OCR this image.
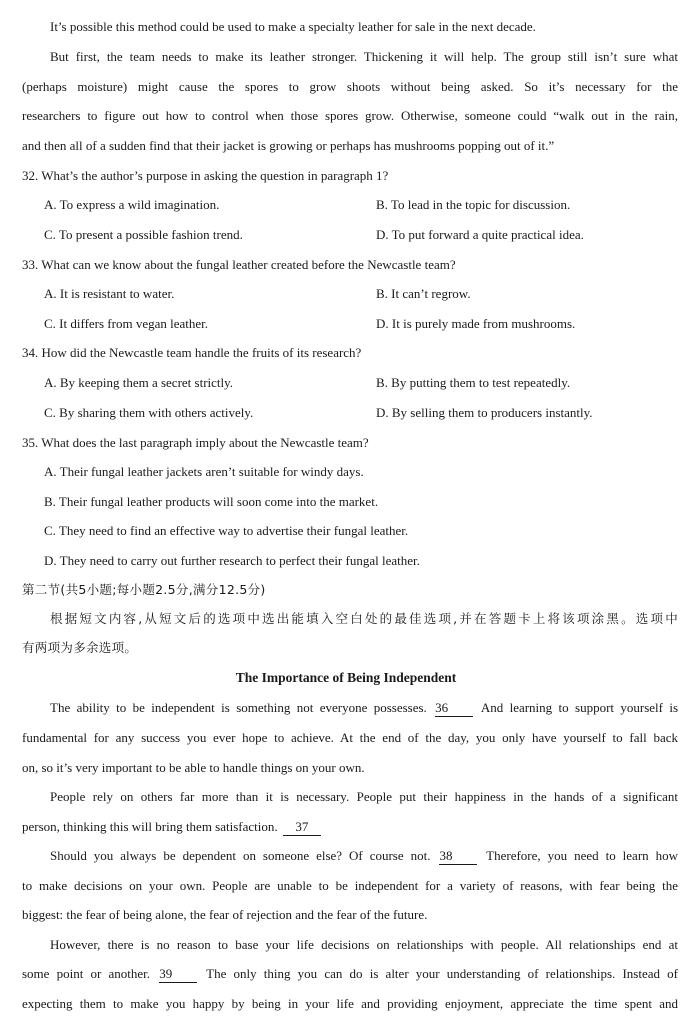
It’s possible this method could be used to make a specialty leather for sale in the next decade.
But first, the team needs to make its leather stronger. Thickening it will help. The group still isn’t sure what
(perhaps moisture) might cause the spores to grow shoots without being asked. So it’s necessary for the
researchers to figure out how to control when those spores grow. Otherwise, someone could “walk out in the rain,
and then all of a sudden find that their jacket is growing or perhaps has mushrooms popping out of it.”
32. What’s the author’s purpose in asking the question in paragraph 1?
A. To express a wild imagination.	B. To lead in the topic for discussion.
C. To present a possible fashion trend.	D. To put forward a quite practical idea.
33. What can we know about the fungal leather created before the Newcastle team?
A. It is resistant to water.	B. It can’t regrow.
C. It differs from vegan leather.	D. It is purely made from mushrooms.
34. How did the Newcastle team handle the fruits of its research?
A. By keeping them a secret strictly.	B. By putting them to test repeatedly.
C. By sharing them with others actively.	D. By selling them to producers instantly.
35. What does the last paragraph imply about the Newcastle team?
A. Their fungal leather jackets aren’t suitable for windy days.
B. Their fungal leather products will soon come into the market.
C. They need to find an effective way to advertise their fungal leather.
D. They need to carry out further research to perfect their fungal leather.
第二节(共5小题;每小题2.5分,满分12.5分)
根据短文内容,从短文后的选项中选出能填入空白处的最佳选项,并在答题卡上将该项涂黑。选项中
有两项为多余选项。
The Importance of Being Independent
The ability to be independent is something not everyone possesses. 36	And learning to support yourself is
fundamental for any success you ever hope to achieve. At the end of the day, you only have yourself to fall back
on, so it’s very important to be able to handle things on your own.
People rely on others far more than it is necessary. People put their happiness in the hands of a significant
person, thinking this will bring them satisfaction. 37
Should you always be dependent on someone else? Of course not. 38	Therefore, you need to learn how
to make decisions on your own. People are unable to be independent for a variety of reasons, with fear being the
biggest: the fear of being alone, the fear of rejection and the fear of the future.
However, there is no reason to base your life decisions on relationships with people. All relationships end at
some point or another. 39	The only thing you can do is alter your understanding of relationships. Instead of
expecting them to make you happy by being in your life and providing enjoyment, appreciate the time spent and
